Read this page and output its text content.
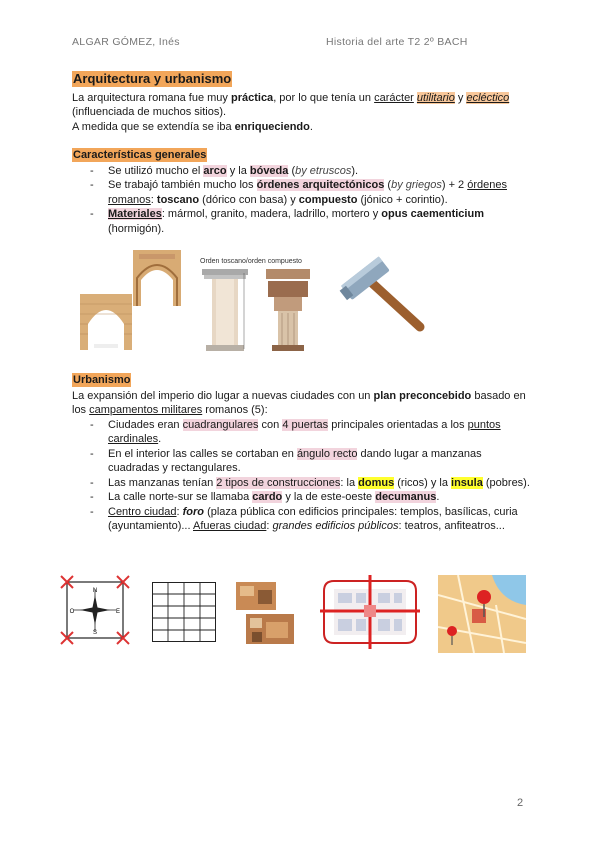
ALGAR GÓMEZ, Inés	Historia del arte T2 2º BACH
Arquitectura y urbanismo

La arquitectura romana fue muy práctica, por lo que tenía un carácter utilitario y ecléctico
(influenciada de muchos sitios).
A medida que se extendía se iba enriqueciendo.

Características generales
- Se utilizó mucho el arco y la bóveda (by etruscos).
- Se trabajó también mucho los órdenes arquitectónicos (by griegos) + 2 órdenes romanos: toscano (dórico con basa) y compuesto (jónico + corintio).
- Materiales: mármol, granito, madera, ladrillo, mortero y opus caementicium (hormigón).
Orden toscano/orden compuesto
Urbanismo

La expansión del imperio dio lugar a nuevas ciudades con un plan preconcebido basado en los campamentos militares romanos (5):

- Ciudades eran cuadrangulares con 4 puertas principales orientadas a los puntos cardinales.
- En el interior las calles se cortaban en ángulo recto dando lugar a manzanas cuadradas y rectangulares.
- Las manzanas tenían 2 tipos de construcciones: la domus (ricos) y la insula (pobres).
- La calle norte-sur se llamaba cardo y la de este-oeste decumanus.
- Centro ciudad: foro (plaza pública con edificios principales: templos, basílicas, curia (ayuntamiento)... Afueras ciudad: grandes edificios públicos: teatros, anfiteatros...
N
S
O	E
2
